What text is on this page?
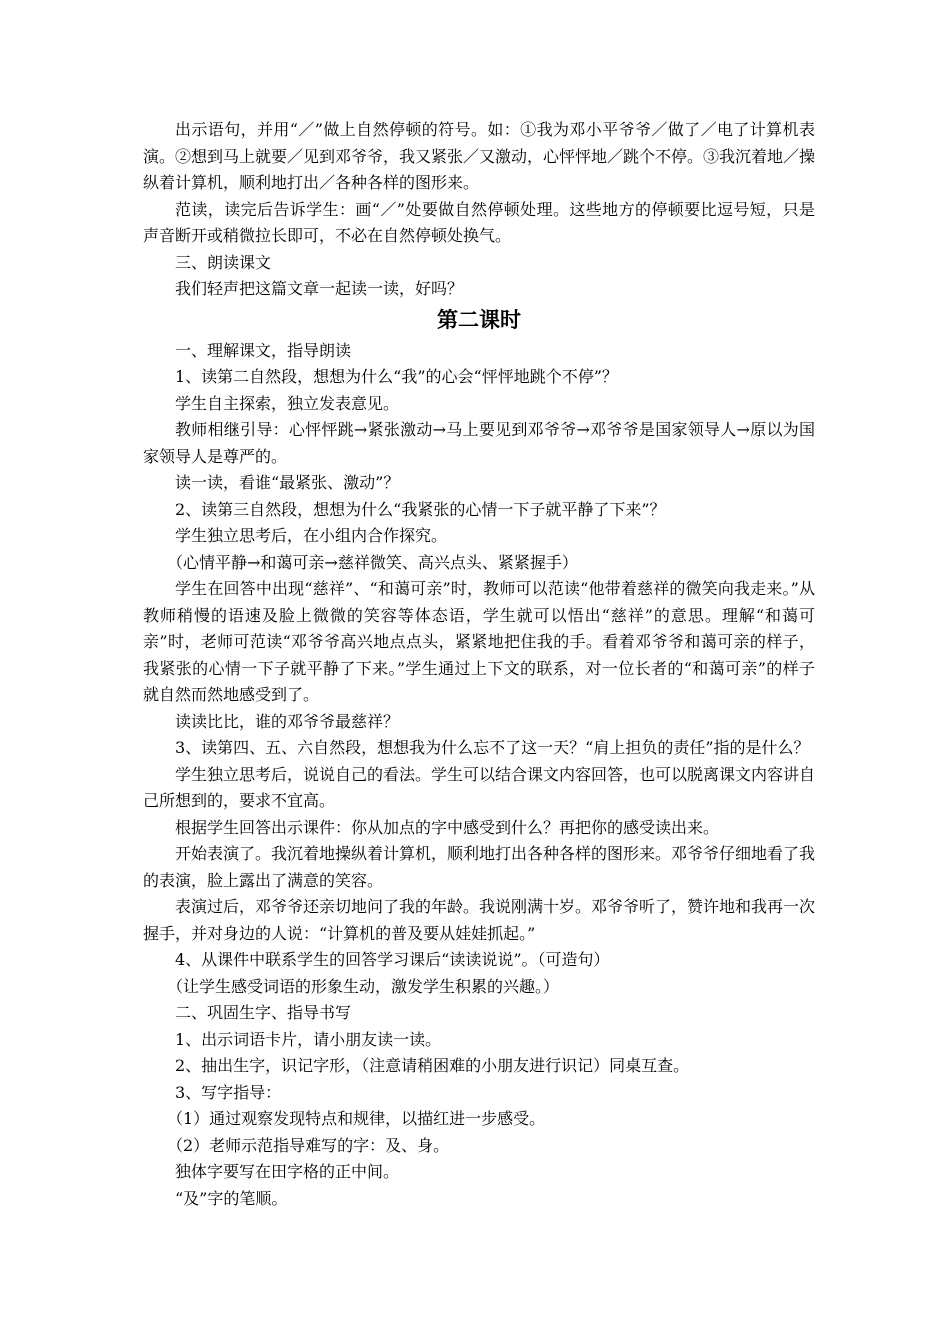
出示语句，并用“／”做上自然停顿的符号。如：①我为邓小平爷爷／做了／电了计算机表演。②想到马上就要／见到邓爷爷，我又紧张／又激动，心怦怦地／跳个不停。③我沉着地／操纵着计算机，顺利地打出／各种各样的图形来。

范读，读完后告诉学生：画“／”处要做自然停顿处理。这些地方的停顿要比逗号短，只是声音断开或稍微拉长即可，不必在自然停顿处换气。

三、朗读课文

我们轻声把这篇文章一起读一读，好吗？

第二课时

一、理解课文，指导朗读

1、读第二自然段，想想为什么“我”的心会“怦怦地跳个不停”？

学生自主探索，独立发表意见。

教师相继引导：心怦怦跳→紧张激动→马上要见到邓爷爷→邓爷爷是国家领导人→原以为国家领导人是尊严的。

读一读，看谁“最紧张、激动”？

2、读第三自然段，想想为什么“我紧张的心情一下子就平静了下来”？

学生独立思考后，在小组内合作探究。

（心情平静→和蔼可亲→慈祥微笑、高兴点头、紧紧握手）

学生在回答中出现“慈祥”、“和蔼可亲”时，教师可以范读“他带着慈祥的微笑向我走来。”从教师稍慢的语速及脸上微微的笑容等体态语，学生就可以悟出“慈祥”的意思。理解“和蔼可亲”时，老师可范读“邓爷爷高兴地点点头，紧紧地把住我的手。看着邓爷爷和蔼可亲的样子，我紧张的心情一下子就平静了下来。”学生通过上下文的联系，对一位长者的“和蔼可亲”的样子就自然而然地感受到了。

读读比比，谁的邓爷爷最慈祥？

3、读第四、五、六自然段，想想我为什么忘不了这一天？“肩上担负的责任”指的是什么？

学生独立思考后，说说自己的看法。学生可以结合课文内容回答，也可以脱离课文内容讲自己所想到的，要求不宜高。

根据学生回答出示课件：你从加点的字中感受到什么？再把你的感受读出来。

开始表演了。我沉着地操纵着计算机，顺利地打出各种各样的图形来。邓爷爷仔细地看了我的表演，脸上露出了满意的笑容。

表演过后，邓爷爷还亲切地问了我的年龄。我说刚满十岁。邓爷爷听了，赞许地和我再一次握手，并对身边的人说：“计算机的普及要从娃娃抓起。”

4、从课件中联系学生的回答学习课后“读读说说”。（可造句）

（让学生感受词语的形象生动，激发学生积累的兴趣。）

二、巩固生字、指导书写

1、出示词语卡片，请小朋友读一读。

2、抽出生字，识记字形，（注意请稍困难的小朋友进行识记）同桌互查。

3、写字指导：

（1）通过观察发现特点和规律，以描红进一步感受。

（2）老师示范指导难写的字：及、身。

独体字要写在田字格的正中间。

“及”字的笔顺。
